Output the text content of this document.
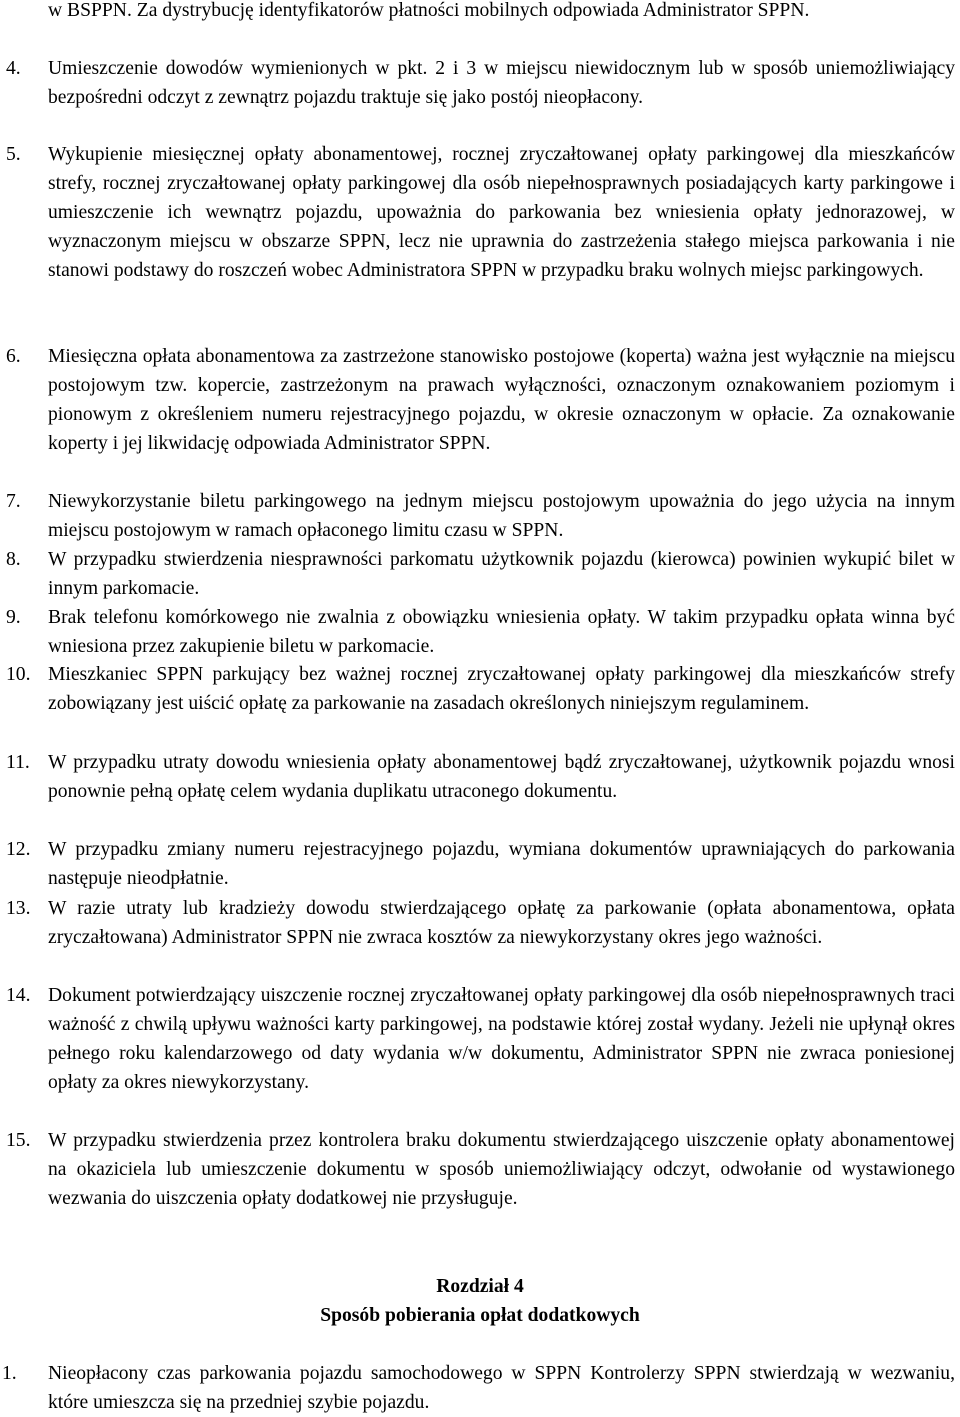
w BSPPN. Za dystrybucję identyfikatorów płatności mobilnych odpowiada Administrator SPPN.
4. Umieszczenie dowodów wymienionych w pkt. 2 i 3 w miejscu niewidocznym lub w sposób uniemożliwiający bezpośredni odczyt z zewnątrz pojazdu traktuje się jako postój nieopłacony.
5. Wykupienie miesięcznej opłaty abonamentowej, rocznej zryczałtowanej opłaty parkingowej dla mieszkańców strefy, rocznej zryczałtowanej opłaty parkingowej dla osób niepełnosprawnych posiadających karty parkingowe i umieszczenie ich wewnątrz pojazdu, upoważnia do parkowania bez wniesienia opłaty jednorazowej, w wyznaczonym miejscu w obszarze SPPN, lecz nie uprawnia do zastrzeżenia stałego miejsca parkowania i nie stanowi podstawy do roszczeń wobec Administratora SPPN w przypadku braku wolnych miejsc parkingowych.
6. Miesięczna opłata abonamentowa za zastrzeżone stanowisko postojowe (koperta) ważna jest wyłącznie na miejscu postojowym tzw. kopercie, zastrzeżonym na prawach wyłączności, oznaczonym oznakowaniem poziomym i pionowym z określeniem numeru rejestracyjnego pojazdu, w okresie oznaczonym w opłacie. Za oznakowanie koperty i jej likwidację odpowiada Administrator SPPN.
7. Niewykorzystanie biletu parkingowego na jednym miejscu postojowym upoważnia do jego użycia na innym miejscu postojowym w ramach opłaconego limitu czasu w SPPN.
8. W przypadku stwierdzenia niesprawności parkomatu użytkownik pojazdu (kierowca) powinien wykupić bilet w innym parkomacie.
9. Brak telefonu komórkowego nie zwalnia z obowiązku wniesienia opłaty. W takim przypadku opłata winna być wniesiona przez zakupienie biletu w parkomacie.
10. Mieszkaniec SPPN parkujący bez ważnej rocznej zryczałtowanej opłaty parkingowej dla mieszkańców strefy zobowiązany jest uiścić opłatę za parkowanie na zasadach określonych niniejszym regulaminem.
11. W przypadku utraty dowodu wniesienia opłaty abonamentowej bądź zryczałtowanej, użytkownik pojazdu wnosi ponownie pełną opłatę celem wydania duplikatu utraconego dokumentu.
12. W przypadku zmiany numeru rejestracyjnego pojazdu, wymiana dokumentów uprawniających do parkowania następuje nieodpłatnie.
13. W razie utraty lub kradzieży dowodu stwierdzającego opłatę za parkowanie (opłata abonamentowa, opłata zryczałtowana) Administrator SPPN nie zwraca kosztów za niewykorzystany okres jego ważności.
14. Dokument potwierdzający uiszczenie rocznej zryczałtowanej opłaty parkingowej dla osób niepełnosprawnych traci ważność z chwilą upływu ważności karty parkingowej, na podstawie której został wydany. Jeżeli nie upłynął okres pełnego roku kalendarzowego od daty wydania w/w dokumentu, Administrator SPPN nie zwraca poniesionej opłaty za okres niewykorzystany.
15. W przypadku stwierdzenia przez kontrolera braku dokumentu stwierdzającego uiszczenie opłaty abonamentowej na okaziciela lub umieszczenie dokumentu w sposób uniemożliwiający odczyt, odwołanie od wystawionego wezwania do uiszczenia opłaty dodatkowej nie przysługuje.
Rozdział 4
Sposób pobierania opłat dodatkowych
1. Nieopłacony czas parkowania pojazdu samochodowego w SPPN Kontrolerzy SPPN stwierdzają w wezwaniu, które umieszcza się na przedniej szybie pojazdu.
